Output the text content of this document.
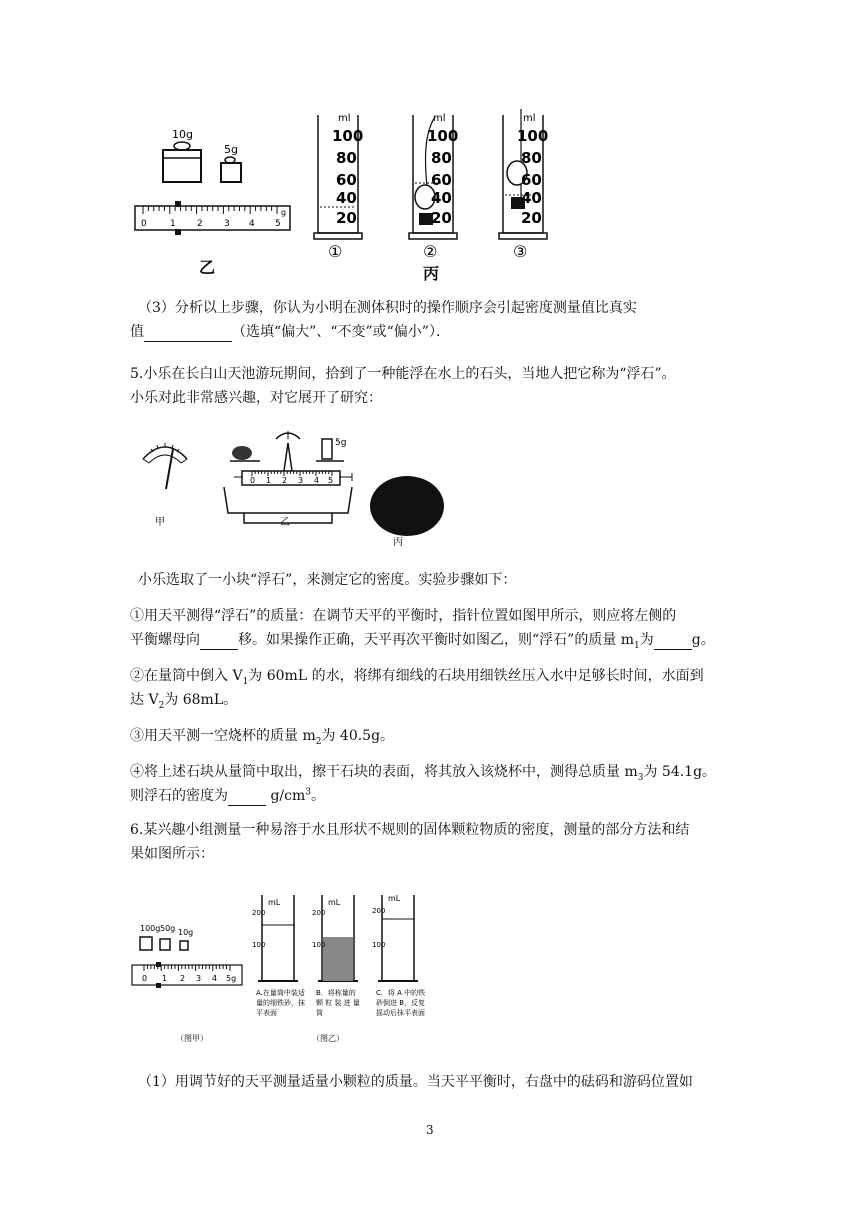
10g
5g
0	1 2 3 4 5
g
乙
ml
100
80
60
40
20
①
ml
100
80
60
40
20
②
丙
ml
100
80
60
40
20
③
（3）分析以上步骤，你认为小明在测体积时的操作顺序会引起密度测量值比真实
值	（选填“偏大”、“不变”或“偏小”）．
5.小乐在长白山天池游玩期间，拾到了一种能浮在水上的石头，当地人把它称为“浮石”。
小乐对此非常感兴趣，对它展开了研究：
甲
0 1 2 3 4 5
5g
乙
丙
小乐选取了一小块“浮石”，来测定它的密度。实验步骤如下：
①用天平测得“浮石”的质量：在调节天平的平衡时，指针位置如图甲所示，则应将左侧的
平衡螺母向	移。如果操作正确，天平再次平衡时如图乙，则“浮石”的质量 $m_1$为	g。
②在量筒中倒入 $V_1$为 60mL 的水，将绑有细线的石块用细铁丝压入水中足够长时间，水面到
达 $V_2$为 68mL。
③用天平测一空烧杯的质量 $m_2$为 40.5g。
④将上述石块从量筒中取出，擦干石块的表面，将其放入该烧杯中，测得总质量 $m_3$为 54.1g。
则浮石的密度为	$g/cm^3$。
6.某兴趣小组测量一种易溶于水且形状不规则的固体颗粒物质的密度，测量的部分方法和结
果如图所示：
100g 50g 10g
0 1 2 3 4 5g
（图甲）
mL
200
100
A.在量筒中装适
量的细铁砂，抹
平表面
mL
200
100
B．将称量的
颗 粒 装 进 量
筒
（图乙）
mL
200
100
C．将 A 中的铁
砂倒进 B，反复
摇动后抹平表面
（1）用调节好的天平测量适量小颗粒的质量。当天平平衡时，右盘中的砝码和游码位置如
3
